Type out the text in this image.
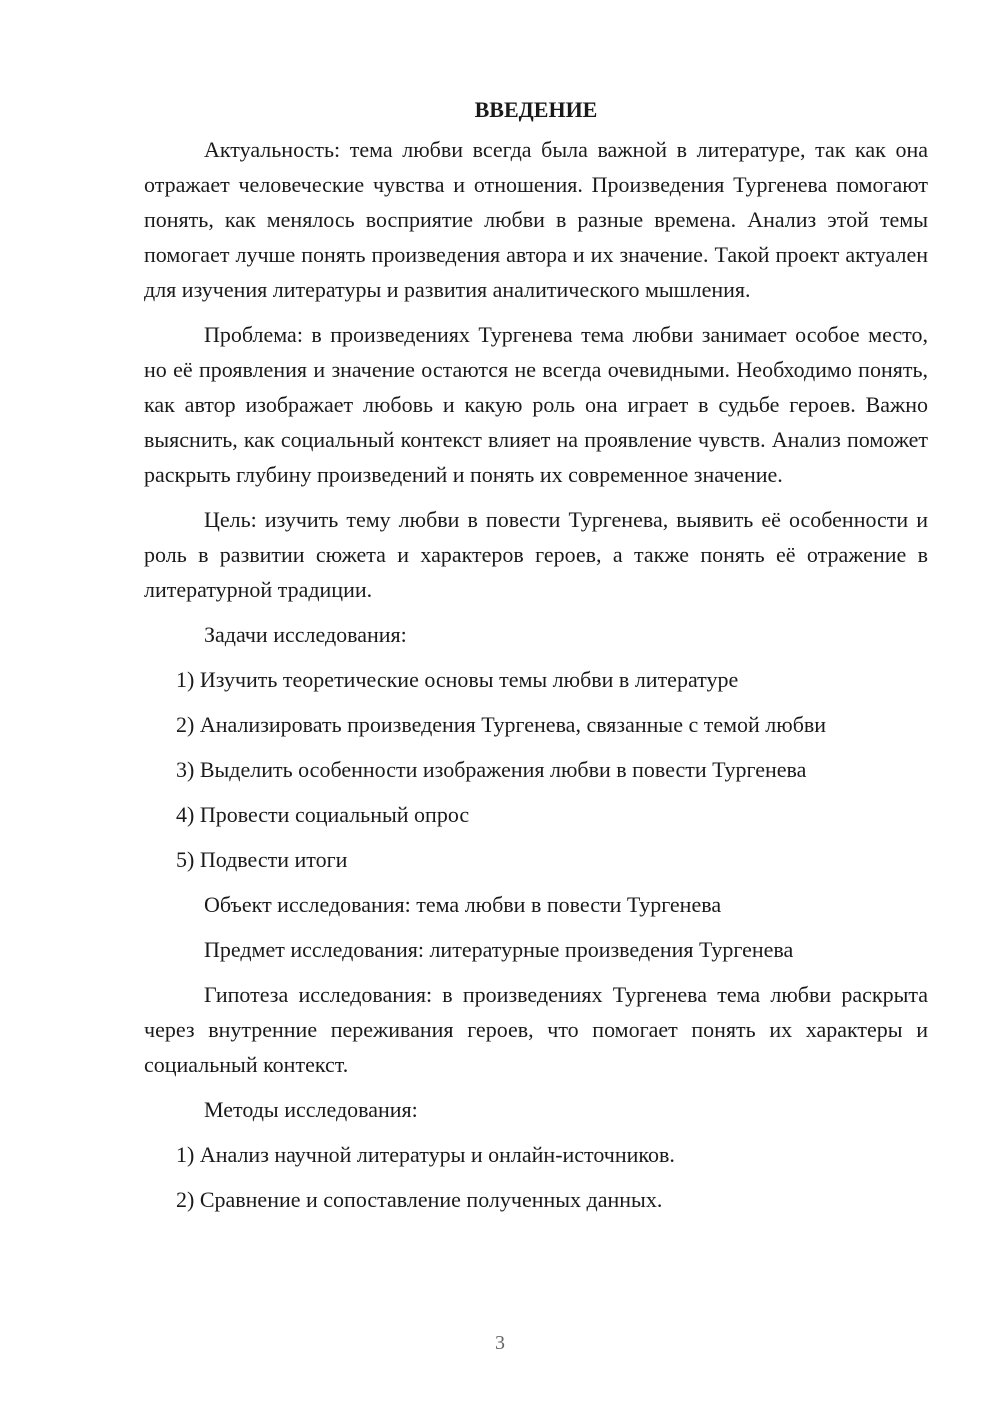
ВВЕДЕНИЕ

Актуальность: тема любви всегда была важной в литературе, так как она отражает человеческие чувства и отношения. Произведения Тургенева помогают понять, как менялось восприятие любви в разные времена. Анализ этой темы помогает лучше понять произведения автора и их значение. Такой проект актуален для изучения литературы и развития аналитического мышления.

Проблема: в произведениях Тургенева тема любви занимает особое место, но её проявления и значение остаются не всегда очевидными. Необходимо понять, как автор изображает любовь и какую роль она играет в судьбе героев. Важно выяснить, как социальный контекст влияет на проявление чувств. Анализ поможет раскрыть глубину произведений и понять их современное значение.

Цель: изучить тему любви в повести Тургенева, выявить её особенности и роль в развитии сюжета и характеров героев, а также понять её отражение в литературной традиции.

Задачи исследования:
1) Изучить теоретические основы темы любви в литературе
2) Анализировать произведения Тургенева, связанные с темой любви
3) Выделить особенности изображения любви в повести Тургенева
4) Провести социальный опрос
5) Подвести итоги
Объект исследования: тема любви в повести Тургенева
Предмет исследования: литературные произведения Тургенева

Гипотеза исследования: в произведениях Тургенева тема любви раскрыта через внутренние переживания героев, что помогает понять их характеры и социальный контекст.

Методы исследования:
1) Анализ научной литературы и онлайн-источников.
2) Сравнение и сопоставление полученных данных.
3
